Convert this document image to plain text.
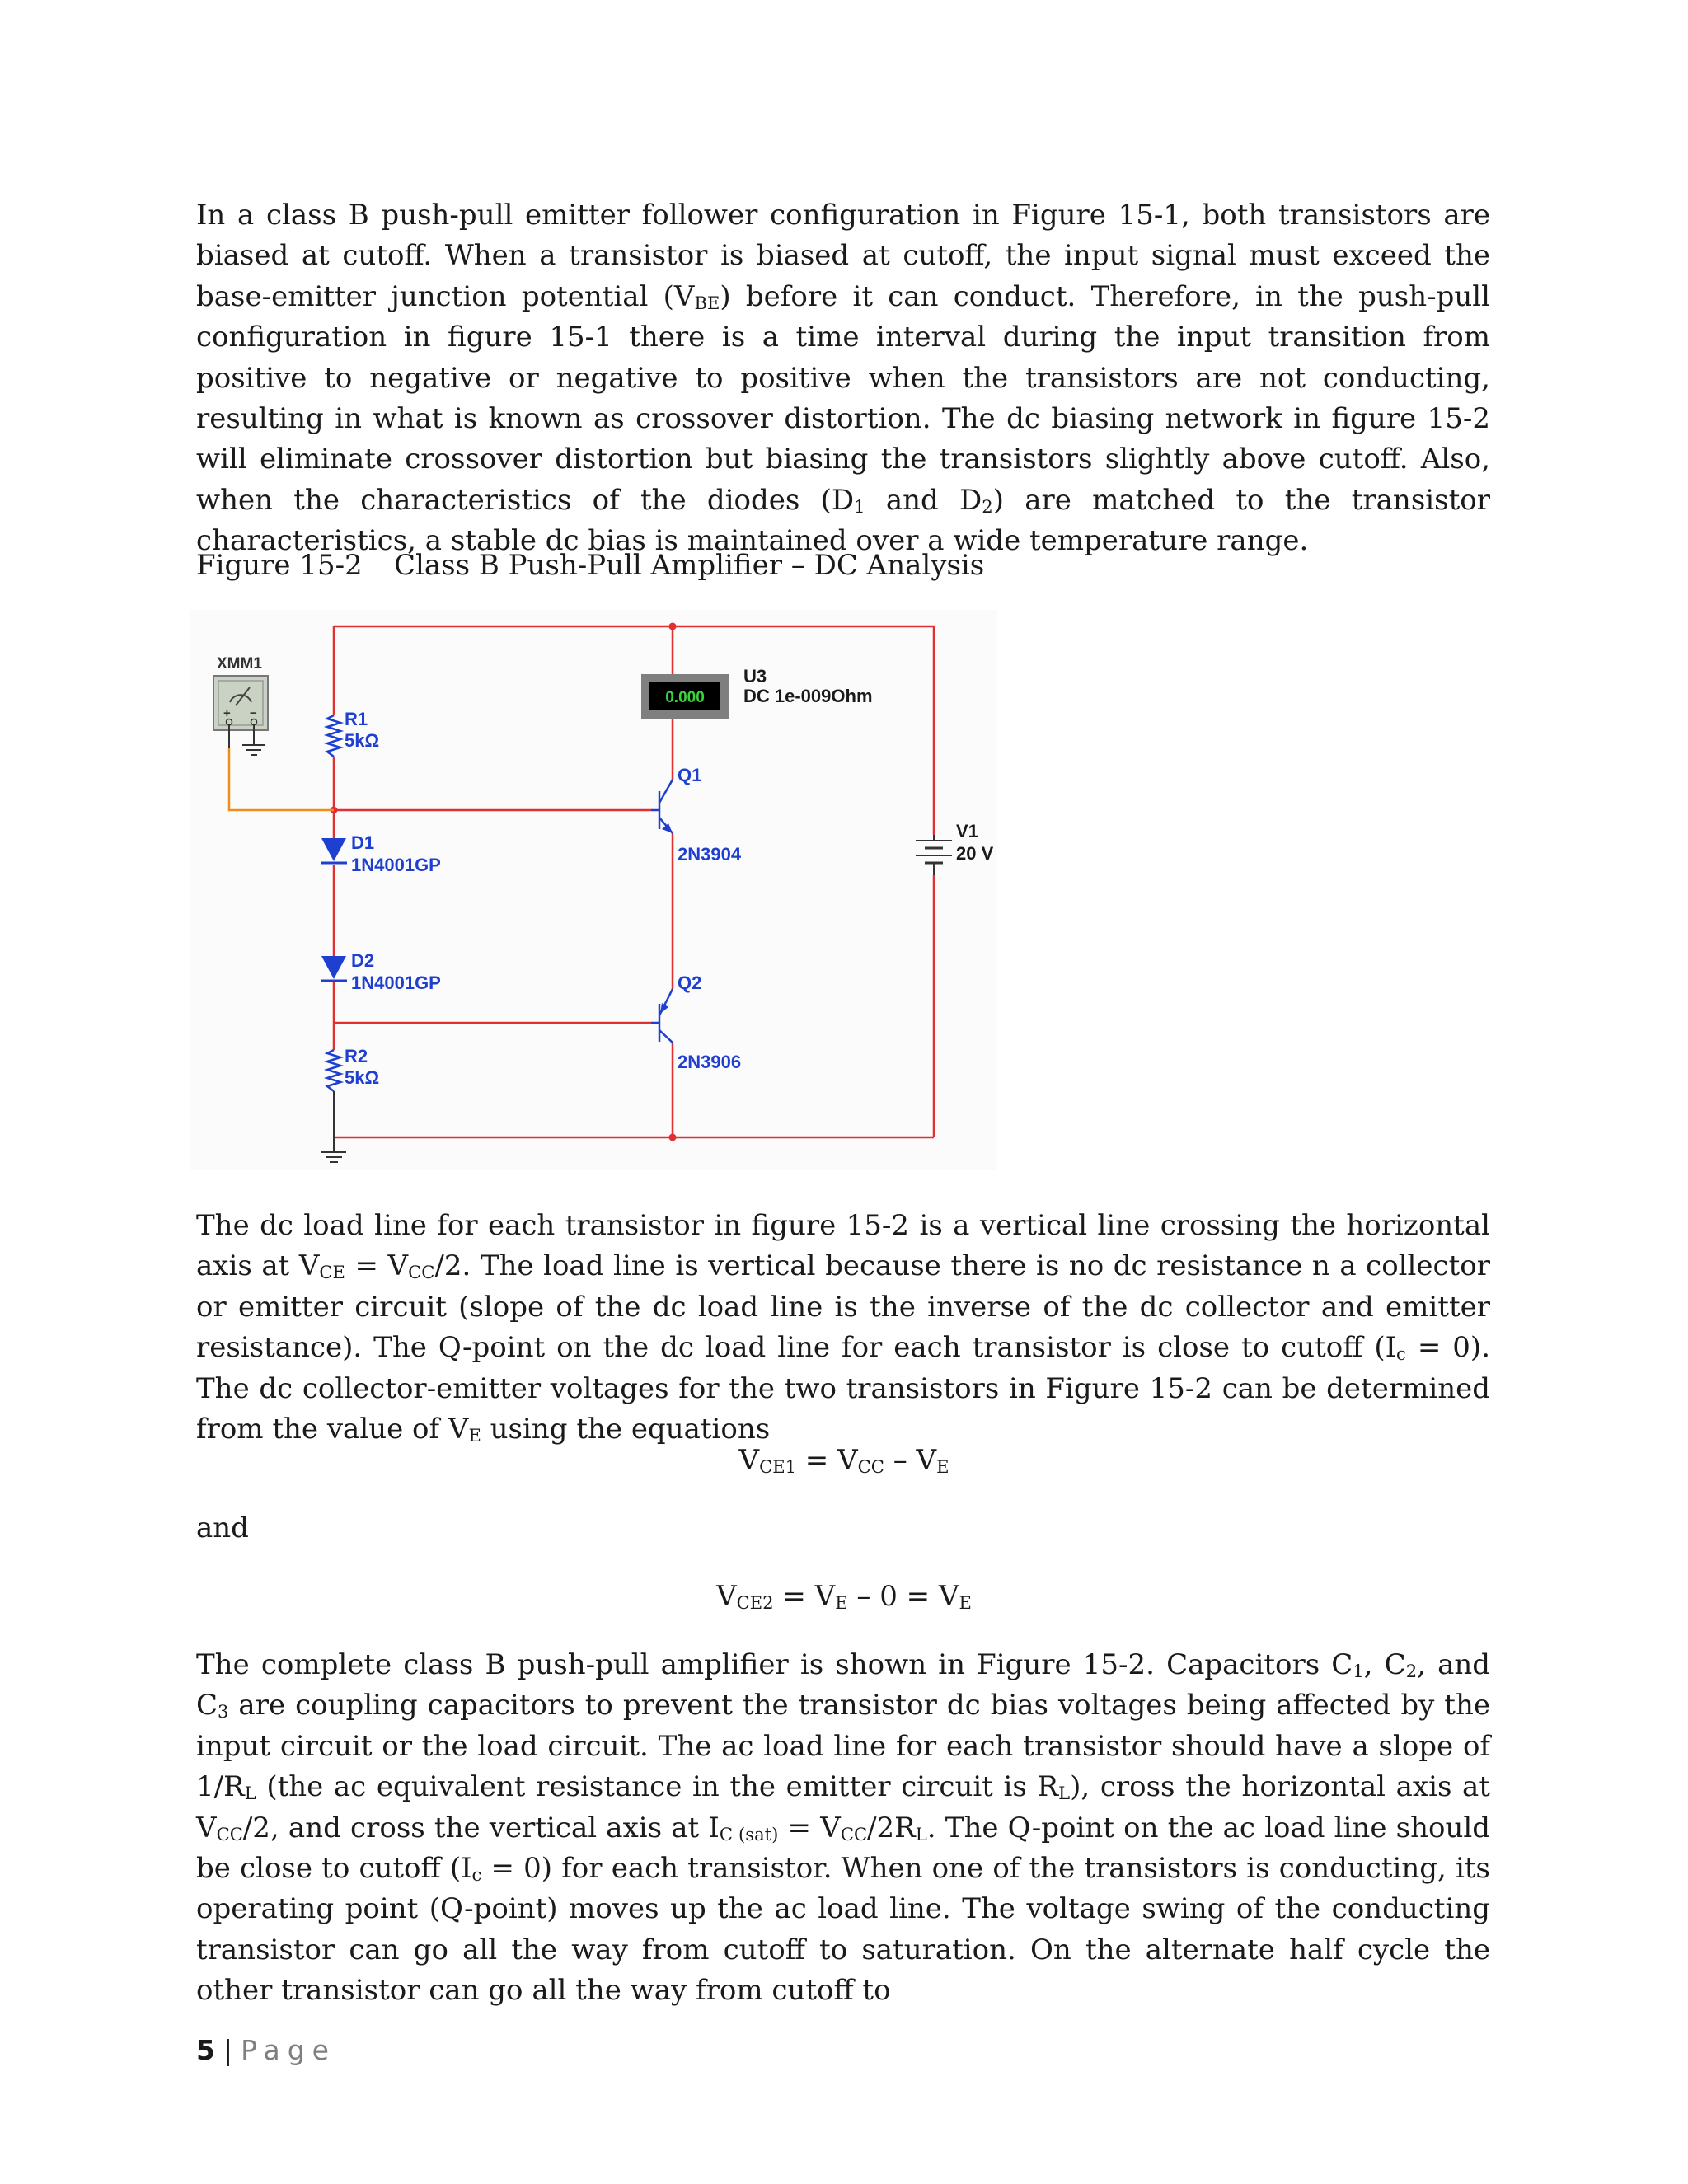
In a class B push-pull emitter follower configuration in Figure 15-1, both transistors are biased at cutoff. When a transistor is biased at cutoff, the input signal must exceed the base-emitter junction potential $(V_{BE})$ before it can conduct. Therefore, in the push-pull configuration in figure 15-1 there is a time interval during the input transition from positive to negative or negative to positive when the transistors are not conducting, resulting in what is known as crossover distortion. The dc biasing network in figure 15-2 will eliminate crossover distortion but biasing the transistors slightly above cutoff. Also, when the characteristics of the diodes ($D_1$ and $D_2$) are matched to the transistor characteristics, a stable dc bias is maintained over a wide temperature range.

Figure 15-2 Class B Push-Pull Amplifier – DC Analysis
XMM1
+ −	R1
5kΩ
D1
1N4001GP
D2
1N4001GP
R2
5kΩ
0.000
U3
DC 1e-009Ohm
Q1
2N3904
Q2
2N3906
V1
20 V

The dc load line for each transistor in figure 15-2 is a vertical line crossing the horizontal axis at $V_{CE} = V_{CC}/2$. The load line is vertical because there is no dc resistance n a collector or emitter circuit (slope of the dc load line is the inverse of the dc collector and emitter resistance). The Q-point on the dc load line for each transistor is close to cutoff $(I_c = 0)$. The dc collector-emitter voltages for the two transistors in Figure 15-2 can be determined from the value of $V_E$ using the equations

$V_{CE1} = V_{CC} - V_E$
and
$V_{CE2} = V_E - 0 = V_E$

The complete class B push-pull amplifier is shown in Figure 15-2. Capacitors $C_1$, $C_2$, and $C_3$ are coupling capacitors to prevent the transistor dc bias voltages being affected by the input circuit or the load circuit. The ac load line for each transistor should have a slope of $1/R_L$ (the ac equivalent resistance in the emitter circuit is $R_L$), cross the horizontal axis at $V_{CC}/2$, and cross the vertical axis at $I_{C (sat)} = V_{CC}/2R_L$. The Q-point on the ac load line should be close to cutoff $(I_c = 0)$ for each transistor. When one of the transistors is conducting, its operating point (Q-point) moves up the ac load line. The voltage swing of the conducting transistor can go all the way from cutoff to saturation. On the alternate half cycle the other transistor can go all the way from cutoff to

5 | Page
